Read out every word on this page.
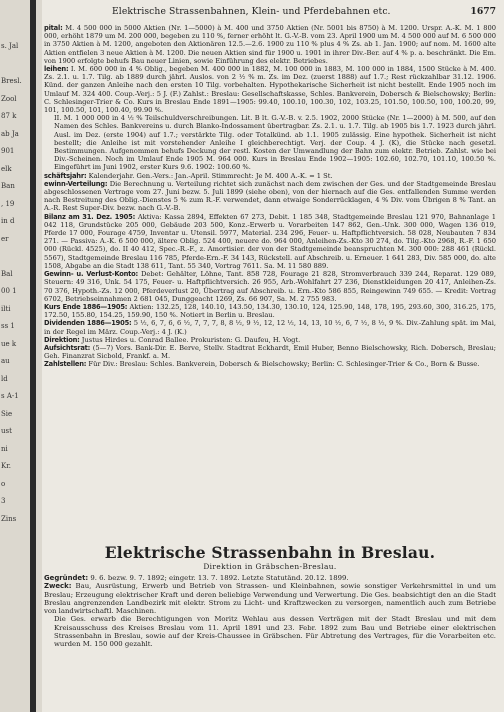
s. Jal
Bresl.
Zool
87 k
ab Ja
901
elk
Ban
, 19
in d
er
Bal
00 1
ilti
ss 1
ue k
au
ld
s A-1
Sie
ust
ni
Kr.
o
3
Zins
Elektrische Strassenbahnen, Klein- und Pferdebahnen etc.	1677

pital: M. 4 500 000 in 5000 Aktien (Nr. 1—5000) à M. 400 und 3750 Aktien (Nr. 5001 bis 8750) à M. 1200. Urspr. A.-K. M. 1 800 000, erhöht 1879 um M. 200 000, begeben zu 110 %, ferner erhöht lt. G.-V.-B. vom 23. April 1900 um M. 4 500 000 auf M. 6 500 000 in 3750 Aktien à M. 1200, angeboten den Aktionären 12.5.—2.6. 1900 zu 110 % plus 4 % Zs. ab 1. Jan. 1900; auf nom. M. 1600 alte Aktien entfielen 3 neue Aktien à M. 1200. Die neuen Aktien sind für 1900 u. 1901 in ihrer Div.-Ber. auf 4 % p. a. beschränkt. Die Em. von 1900 erfolgte behufs Bau neuer Linien, sowie Einführung des elektr. Betriebes.

leihen: I. M. 600 000 in 4 % Oblig., begeben M. 400 000 in 1882, M. 100 000 in 1883, M. 100 000 in 1884, 1500 Stücke à M. 400. Zs. 2.1. u. 1.7. Tilg. ab 1889 durch jährl. Auslos. von 2 ½ % m. Zs. im Dez. (zuerst 1888) auf 1.7.; Rest rückzahlbar 31.12. 1906. Künd. der ganzen Anleihe nach den ersten 10 Tilg. vorbehalten. Hypothekarische Sicherheit ist nicht bestellt. Ende 1905 noch im Umlauf M. 324 400. Coup.-Verj.: 5 J. (F.) Zahlst.: Breslau: Gesellschaftskasse, Schles. Bankverein, Dobersch & Bielschowsky; Berlin: C. Schlesinger-Trier & Co. Kurs in Breslau Ende 1891—1905: 99.40, 100.10, 100.30, 102, 103.25, 101.50, 100.50, 100, 100.20, 99, 101, 100.50, 101, 100.40, 99.90 %.

II. M. 1 000 000 in 4 ½ % Teilschuldverschreibungen. Lit. B lt. G.-V.-B. v. 2.5. 1902, 2000 Stücke (Nr. 1—2000) à M. 500, auf den Namen des Schles. Bankvereins u. durch Blanko-Indossament übertragbar. Zs. 2.1. u. 1.7. Tilg. ab 1905 bis 1.7. 1923 durch jährl. Ausl. im Dez. (erste 1904) auf 1.7.; verstärkte Tilg. oder Totalkünd. ab 1.1. 1905 zulässig. Eine hypothek. Sicherheit ist nicht bestellt; die Anleihe ist mit vorstehender Anleihe I gleichberechtigt. Verj. der Coup. 4 J. (K), die Stücke nach gesetzl. Bestimmungen. Aufgenommen behufs Deckung der restl. Kosten der Umwandlung der Bahn zum elektr. Betrieb. Zahlst. wie bei Div.-Scheinen. Noch im Umlauf Ende 1905 M. 964 000. Kurs in Breslau Ende 1902—1905: 102.60, 102.70, 101.10, 100.50 %. Eingeführt im Juni 1902, erster Kurs 9.6. 1902: 100.60 %.

schäftsjahr: Kalenderjahr. Gen.-Vers.: Jan.-April. Stimmrecht: Je M. 400 A.-K. = 1 St.

ewinn-Verteilung: Die Berechnung u. Verteilung richtet sich zunächst nach dem zwischen der Ges. und der Stadtgemeinde Breslau abgeschlossenen Vertrage vom 27. Juni bezw. 5. Juli 1899 (siehe oben), von der hiernach auf die Ges. entfallenden Summe werden nach Bestreitung des Oblig.-Dienstes 5 % zum R.-F. verwendet, dann etwaige Sonderrücklagen, 4 % Div. vom Übrigen 8 % Tant. an A.-R. Rest Super-Div. bezw. nach G.-V.-B.

Bilanz am 31. Dez. 1905: Aktiva: Kassa 2894, Effekten 67 273, Debit. 1 185 348, Stadtgemeinde Breslau 121 970, Bahnanlage 1 042 118, Grundstücke 205 000, Gebäude 203 500, Konz.-Erwerb u. Vorarbeiten 147 862, Gen.-Unk. 300 000, Wagen 136 019, Pferde 17 000, Fourage 4759, Inventar u. Utensil. 5977, Material. 234 296, Feuer- u. Haftpflichtversich. 58 028, Neubauten 7 834 271. — Passiva: A.-K. 6 500 000, ältere Oblig. 524 400, neuere do. 964 000, Anleihen-Zs.-Kto 30 274, do. Tilg.-Kto 2968, R.-F. 1 650 000 (Rückl. 4525), do. II 40 412, Spec.-R.-F., z. Amortisier. der von der Stadtgemeinde beanspruchten M. 300 000: 288 461 (Rückl. 5567), Stadtgemeinde Breslau 116 785, Pferde-Ern.-F. 34 143, Rückstell. auf Abschreib. u. Erneuer. 1 641 283, Div. 585 000, do. alte 1508, Abgabe an die Stadt 138 611, Tant. 55 340, Vortrag 7611. Sa. M. 11 580 889.

Gewinn- u. Verlust-Konto: Debet: Gehälter, Löhne, Tant. 858 728, Fourage 21 828, Stromverbrauch 339 244, Reparat. 129 089, Steuern: 49 316, Unk. 54 175, Feuer- u. Haftpflichtversich. 26 955, Arb.-Wohlfahrt 27 236, Dienstkleidungen 20 417, Anleihen-Zs. 70 376, Hypoth.-Zs. 12 000, Pferdeverlust 20, Übertrag auf Abschreib. u. Ern.-Kto 586 855, Reingewinn 749 655. — Kredit: Vortrag 6702, Betriebseinnahmen 2 681 045, Dunggeacht 1269, Zs. 66 907, Sa. M. 2 755 983.

Kurs Ende 1886—1905: Aktien: 132.25, 128, 140.10, 143.50, 134.30, 130.10, 124, 125.90, 148, 178, 195, 293.60, 300, 316.25, 175, 172.50, 155.80, 154.25, 159.90, 150 %. Notiert in Berlin u. Breslau.

Dividenden 1886—1905: 5 ½, 6, 7, 6, 6 ½, 7, 7, 7, 8, 8 ½, 9 ½, 12, 12 ½, 14, 13, 10 ½, 6, 7 ½, 8 ½, 9 %. Div.-Zahlung spät. im Mai, in der Regel im März. Coup.-Verj.: 4 J. (K.)

Direktion: Justus Hirdes u. Conrad Ballee. Prokuristen: G. Daufeu, H. Vogt.

Aufsichtsrat: (5—7) Vors. Bank-Dir. E. Berve, Stellv. Stadtrat Eckhardt, Emil Huber, Benno Bielschowsky, Rich. Dobersch, Breslau; Geh. Finanzrat Sicbold, Frankf. a. M.

Zahlstellen: Für Div.: Breslau: Schles. Bankverein, Dobersch & Bielschowsky; Berlin: C. Schlesinger-Trier & Co., Born & Busse.

Elektrische Strassenbahn in Breslau.
Direktion in Gräbschen-Breslau.

Gegründet: 9. 6. bezw. 9. 7. 1892; eingetr. 13. 7. 1892. Letzte Statutänd. 20.12. 1899.

Zweck: Bau, Ausrüstung, Erwerb und Betrieb von Strassen- und Kleinbahnen, sowie sonstiger Verkehrsmittel in und um Breslau; Erzeugung elektrischer Kraft und deren beliebige Verwendung und Verwertung. Die Ges. beabsichtigt den an die Stadt Breslau angrenzenden Landbezirk mit elektr. Strom zu Licht- und Kraftzwecken zu versorgen, namentlich auch zum Betriebe von landwirtschaftl. Maschinen.

Die Ges. erwarb die Berechtigungen von Moritz Wehlau aus dessen Verträgen mit der Stadt Breslau und mit dem Kreisausschuss des Kreises Breslau vom 11. April 1891 und 23. Febr. 1892 zum Bau und Betriebe einer elektrischen Strassenbahn in Breslau, sowie auf der Kreis-Chaussee in Gräbschen. Für Abtretung des Vertrages, für die Vorarbeiten etc. wurden M. 150 000 gezahlt.
